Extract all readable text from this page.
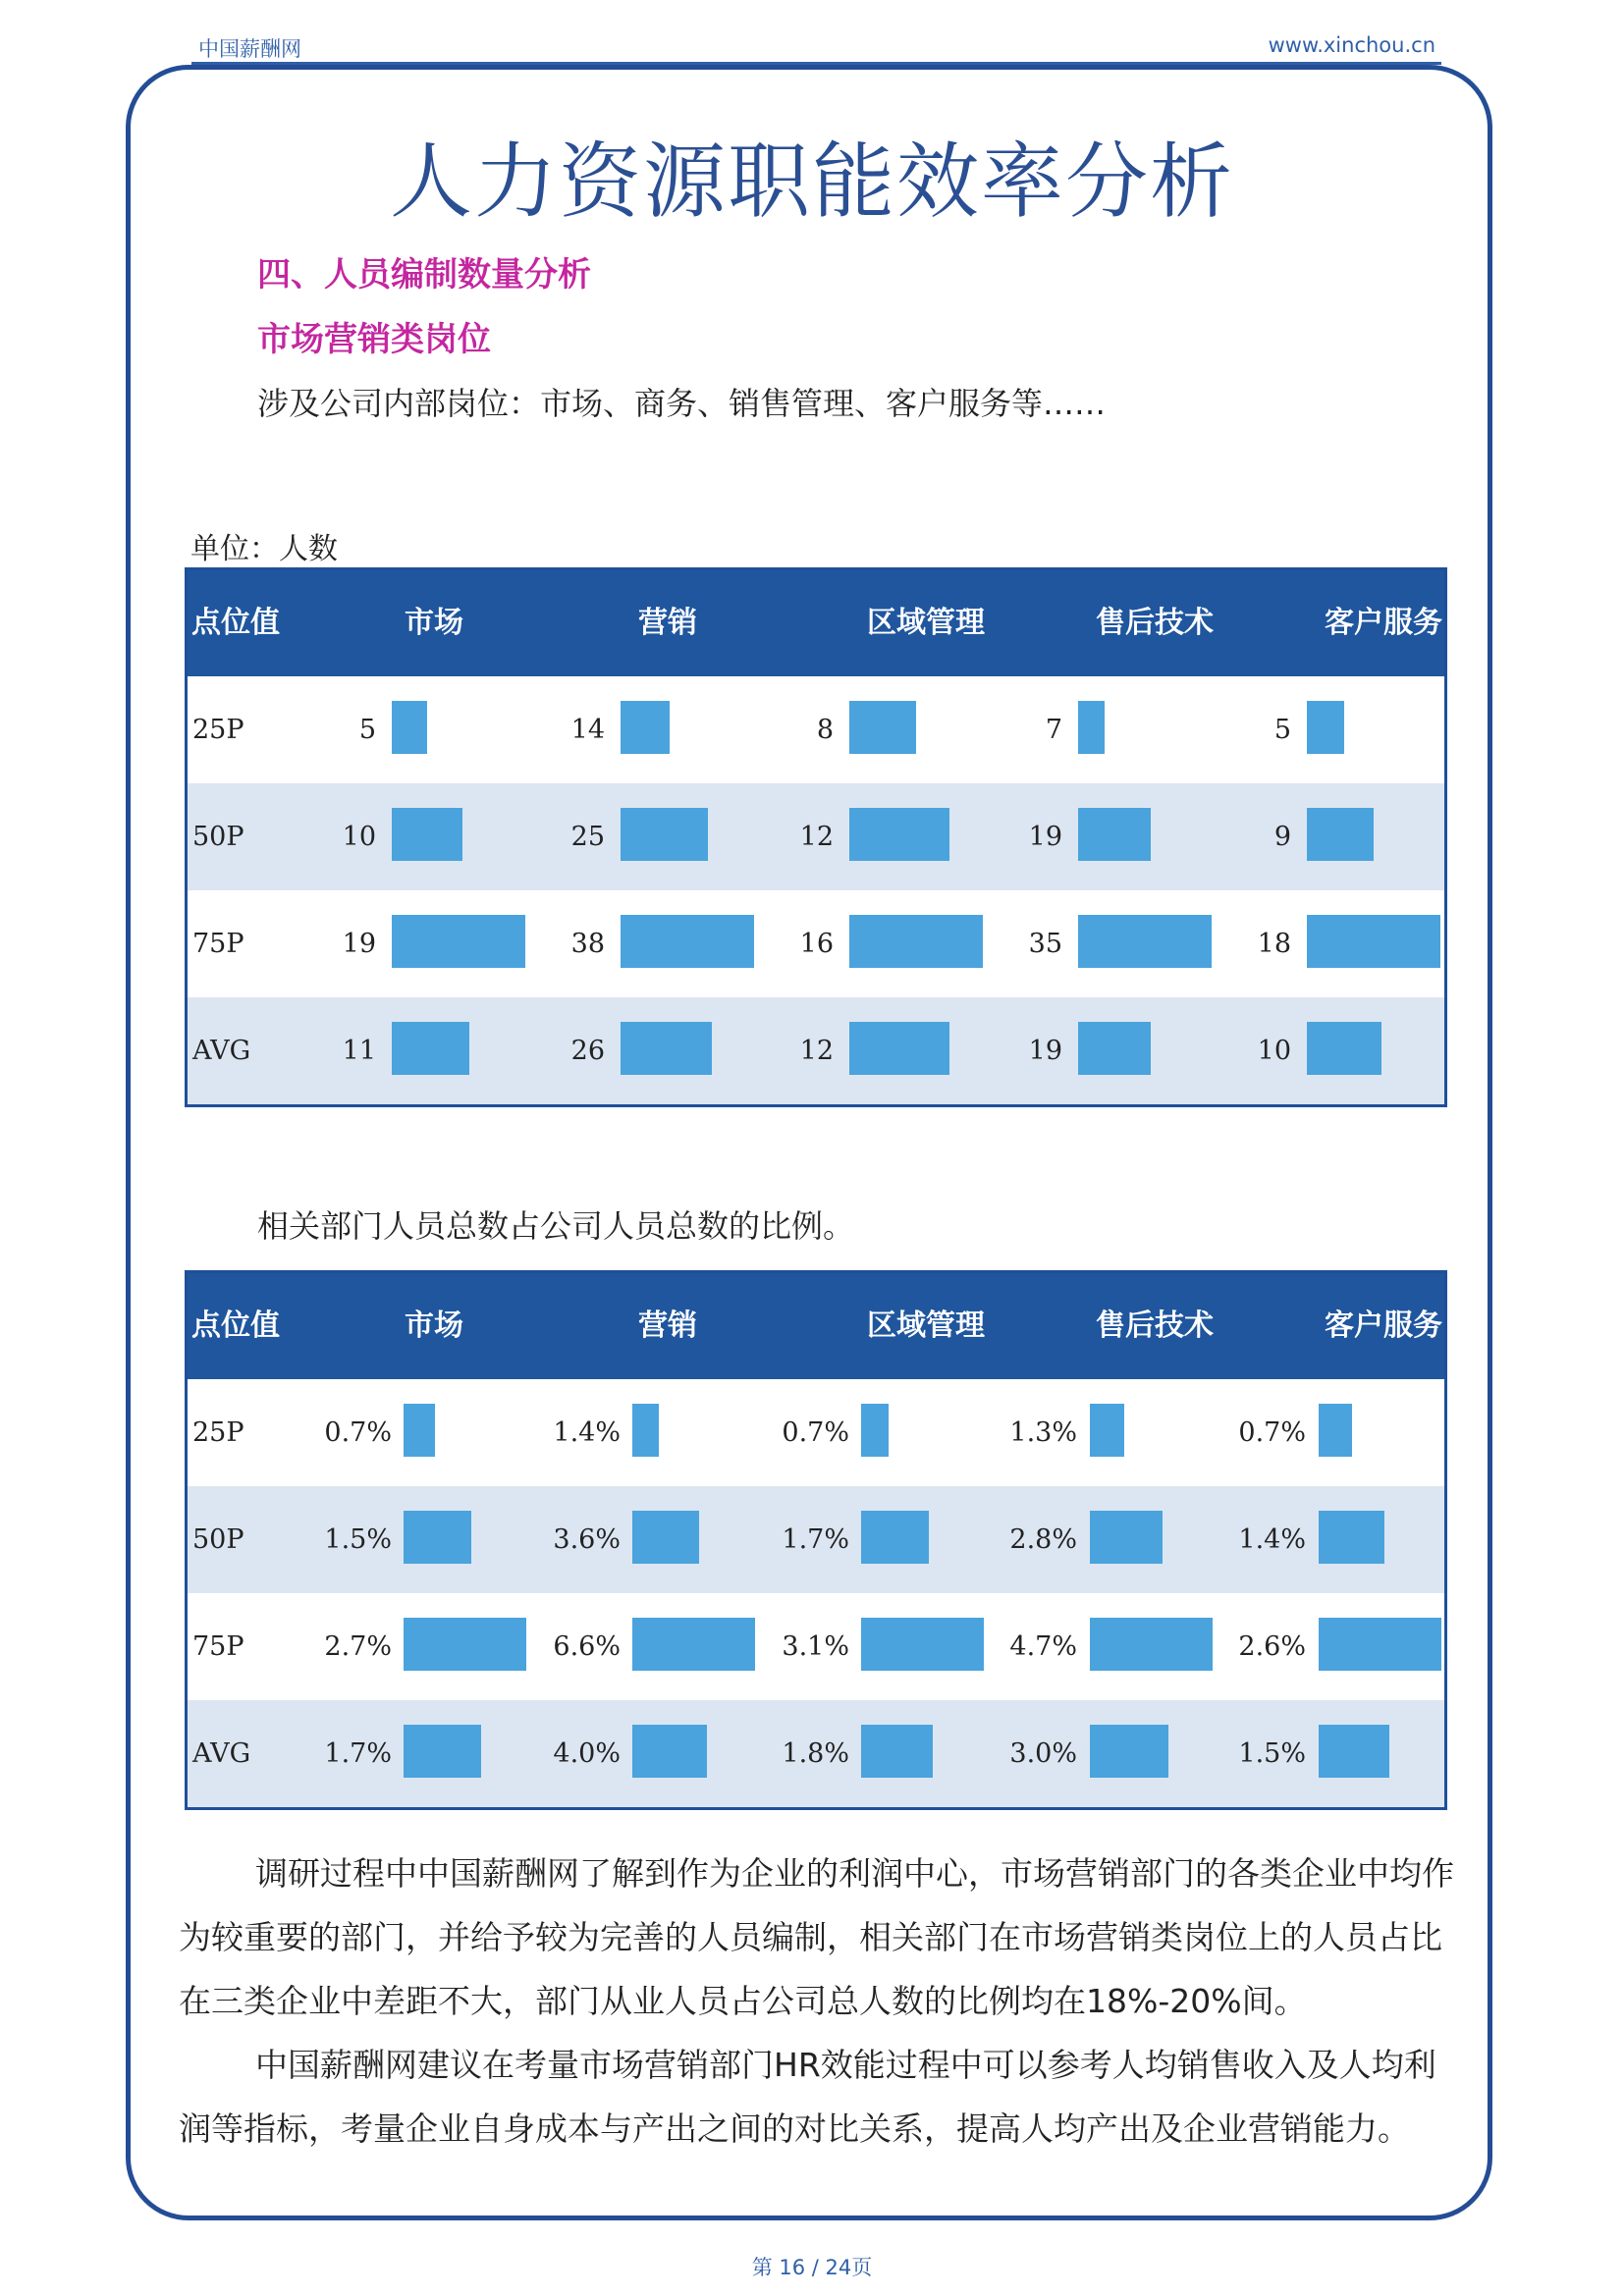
中国薪酬网	www.xinchou.cn
人力资源职能效率分析
四、人员编制数量分析
市场营销类岗位
涉及公司内部岗位：市场、商务、销售管理、客户服务等……
单位：人数
点位值	市场	营销	区域管理	售后技术	客户服务
25P	5	14	8	7	5
50P	10	25	12	19	9
75P	19	38	16	35	18
AVG	11	26	12	19	10
相关部门人员总数占公司人员总数的比例。
点位值	市场	营销	区域管理	售后技术	客户服务
25P	0.7%	1.4%	0.7%	1.3%	0.7%
50P	1.5%	3.6%	1.7%	2.8%	1.4%
75P	2.7%	6.6%	3.1%	4.7%	2.6%
AVG	1.7%	4.0%	1.8%	3.0%	1.5%

调研过程中中国薪酬网了解到作为企业的利润中心，市场营销部门的各类企业中均作为较重要的部门，并给予较为完善的人员编制，相关部门在市场营销类岗位上的人员占比在三类企业中差距不大，部门从业人员占公司总人数的比例均在18%-20%间。

中国薪酬网建议在考量市场营销部门HR效能过程中可以参考人均销售收入及人均利润等指标，考量企业自身成本与产出之间的对比关系，提高人均产出及企业营销能力。

第 16 / 24页
